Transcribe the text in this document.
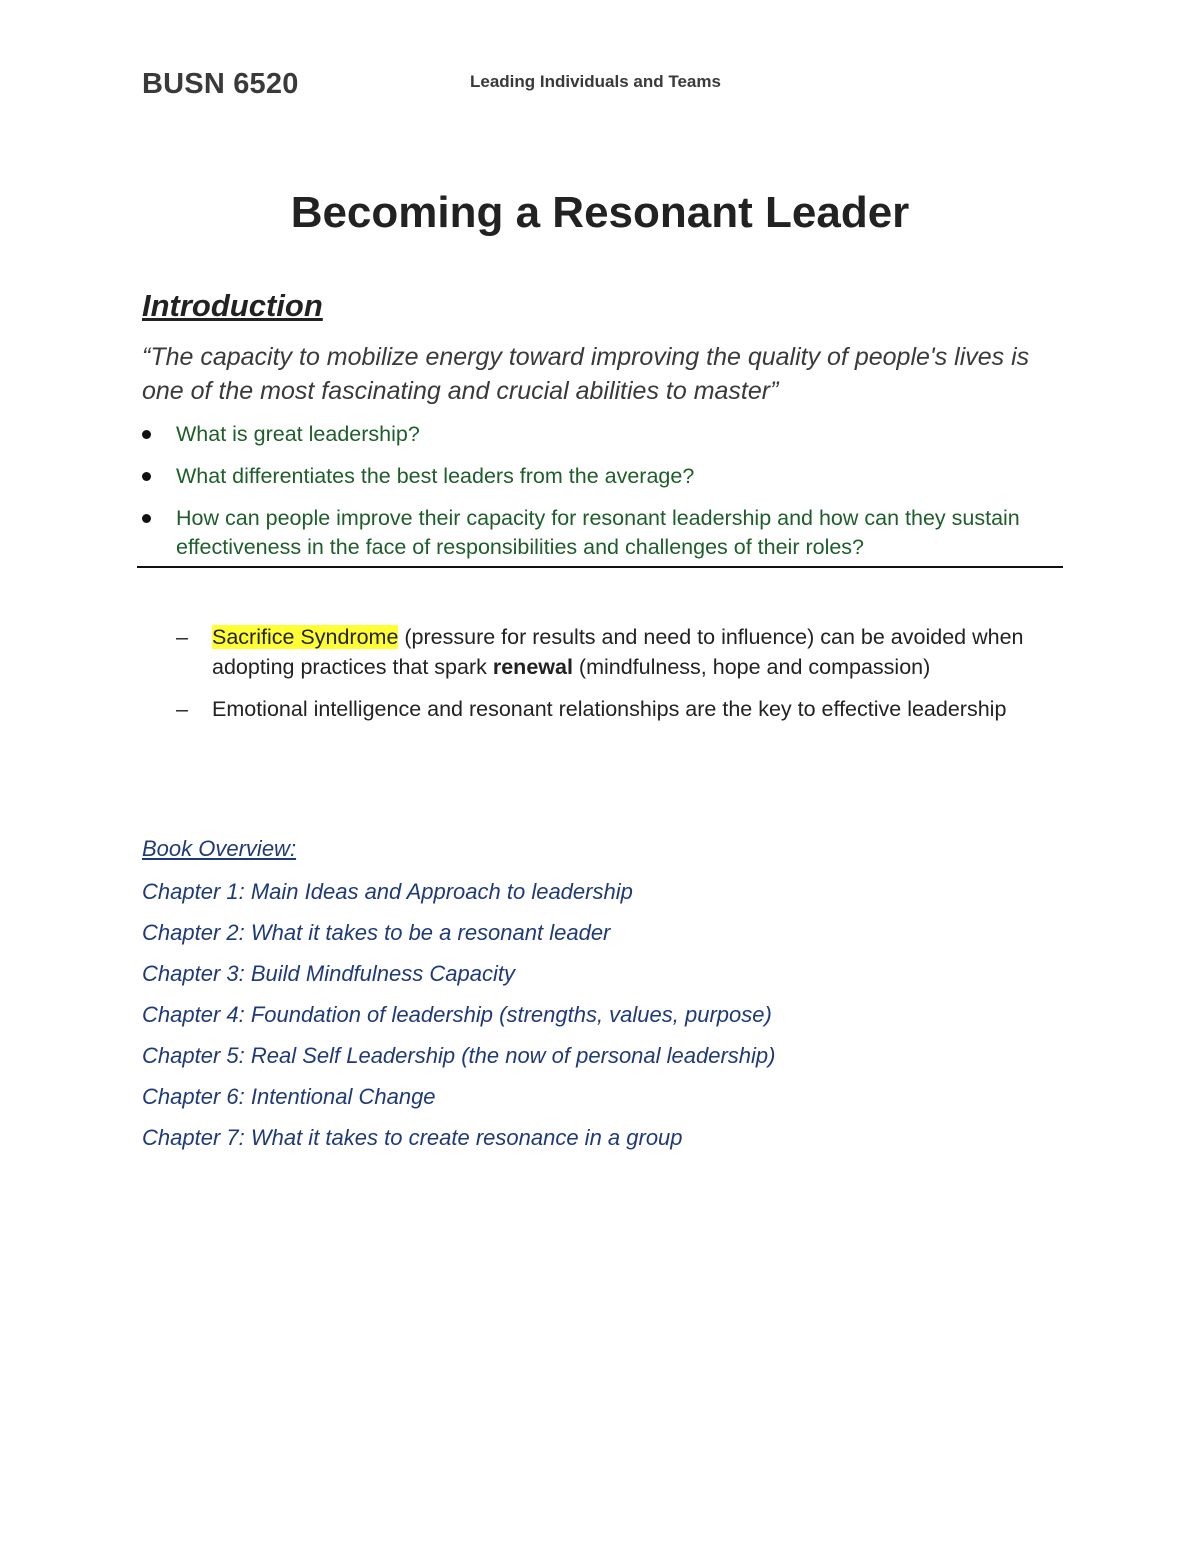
BUSN 6520	Leading Individuals and Teams
Becoming a Resonant Leader
Introduction
“The capacity to mobilize energy toward improving the quality of people's lives is one of the most fascinating and crucial abilities to master”
What is great leadership?
What differentiates the best leaders from the average?
How can people improve their capacity for resonant leadership and how can they sustain effectiveness in the face of responsibilities and challenges of their roles?
– Sacrifice Syndrome (pressure for results and need to influence) can be avoided when adopting practices that spark renewal (mindfulness, hope and compassion)
– Emotional intelligence and resonant relationships are the key to effective leadership
Book Overview:
Chapter 1: Main Ideas and Approach to leadership
Chapter 2: What it takes to be a resonant leader
Chapter 3: Build Mindfulness Capacity
Chapter 4: Foundation of leadership (strengths, values, purpose)
Chapter 5: Real Self Leadership (the now of personal leadership)
Chapter 6: Intentional Change
Chapter 7: What it takes to create resonance in a group
